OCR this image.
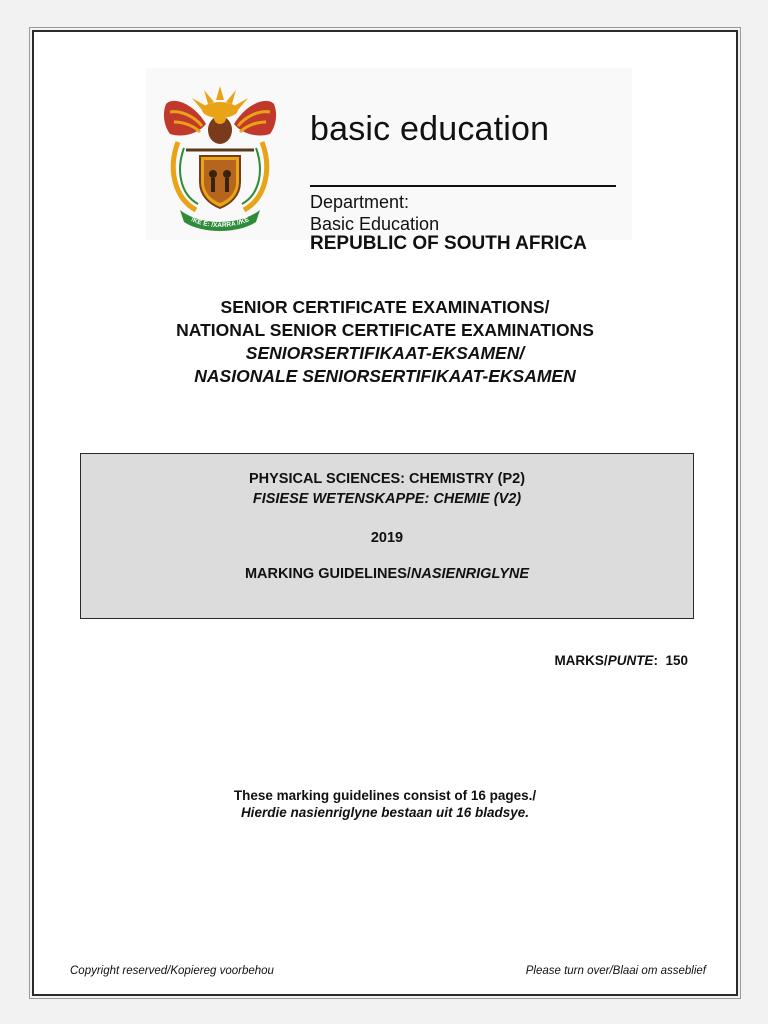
!KE E: /XARRA //KE
basic education
Department:
Basic Education
REPUBLIC OF SOUTH AFRICA
SENIOR CERTIFICATE EXAMINATIONS/
NATIONAL SENIOR CERTIFICATE EXAMINATIONS
SENIORSERTIFIKAAT-EKSAMEN/
NASIONALE SENIORSERTIFIKAAT-EKSAMEN
PHYSICAL SCIENCES: CHEMISTRY (P2)
FISIESE WETENSKAPPE: CHEMIE (V2)
2019
MARKING GUIDELINES/NASIENRIGLYNE
MARKS/PUNTE: 150
These marking guidelines consist of 16 pages./
Hierdie nasienriglyne bestaan uit 16 bladsye.
Copyright reserved/Kopiereg voorbehou	Please turn over/Blaai om asseblief
